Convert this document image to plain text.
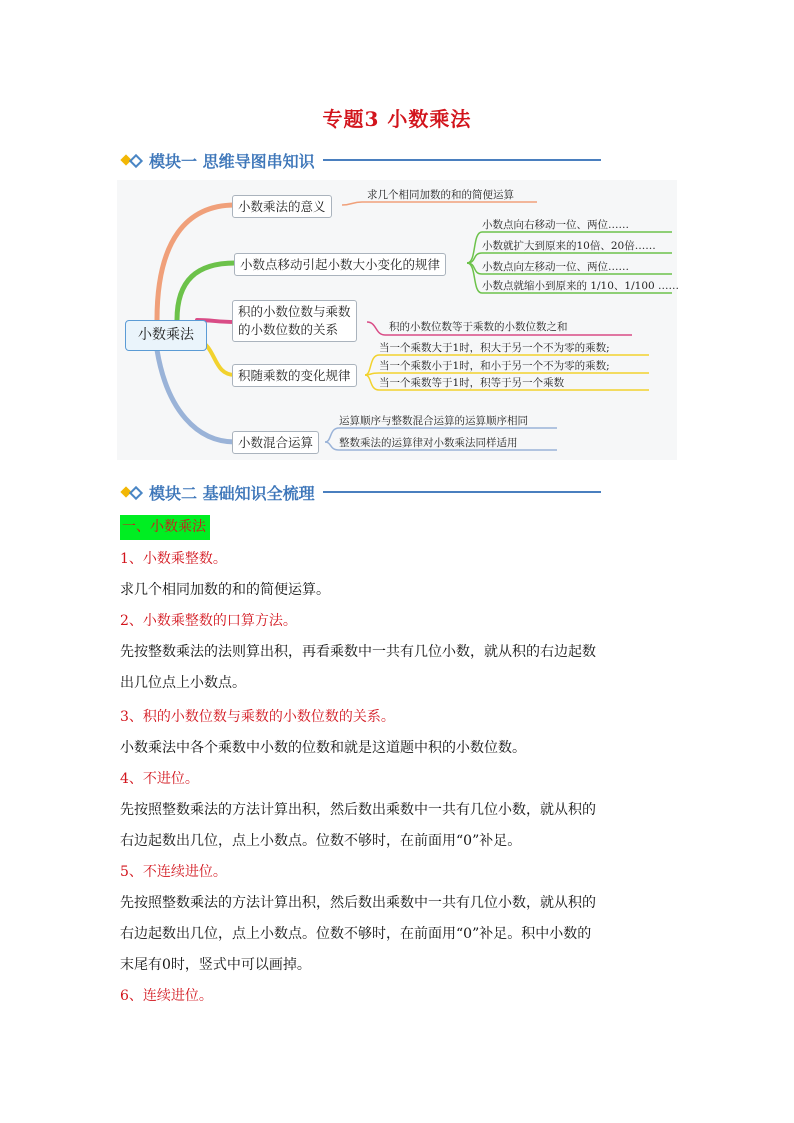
专题3 小数乘法
模块一 思维导图串知识
小数乘法
小数乘法的意义
小数点移动引起小数大小变化的规律
积的小数位数与乘数
的小数位数的关系
积随乘数的变化规律
小数混合运算
求几个相同加数的和的简便运算
小数点向右移动一位、两位……
小数就扩大到原来的10倍、20倍……
小数点向左移动一位、两位……
小数点就缩小到原来的 1/10、1/100 ……
积的小数位数等于乘数的小数位数之和
当一个乘数大于1时，积大于另一个不为零的乘数;
当一个乘数小于1时，和小于另一个不为零的乘数;
当一个乘数等于1时，积等于另一个乘数
运算顺序与整数混合运算的运算顺序相同
整数乘法的运算律对小数乘法同样适用
模块二 基础知识全梳理
一、小数乘法
1、小数乘整数。
求几个相同加数的和的简便运算。
2、小数乘整数的口算方法。
先按整数乘法的法则算出积，再看乘数中一共有几位小数，就从积的右边起数
出几位点上小数点。
3、积的小数位数与乘数的小数位数的关系。
小数乘法中各个乘数中小数的位数和就是这道题中积的小数位数。
4、不进位。
先按照整数乘法的方法计算出积，然后数出乘数中一共有几位小数，就从积的
右边起数出几位，点上小数点。位数不够时，在前面用“0”补足。
5、不连续进位。
先按照整数乘法的方法计算出积，然后数出乘数中一共有几位小数，就从积的
右边起数出几位，点上小数点。位数不够时，在前面用“0”补足。积中小数的
末尾有0时，竖式中可以画掉。
6、连续进位。
